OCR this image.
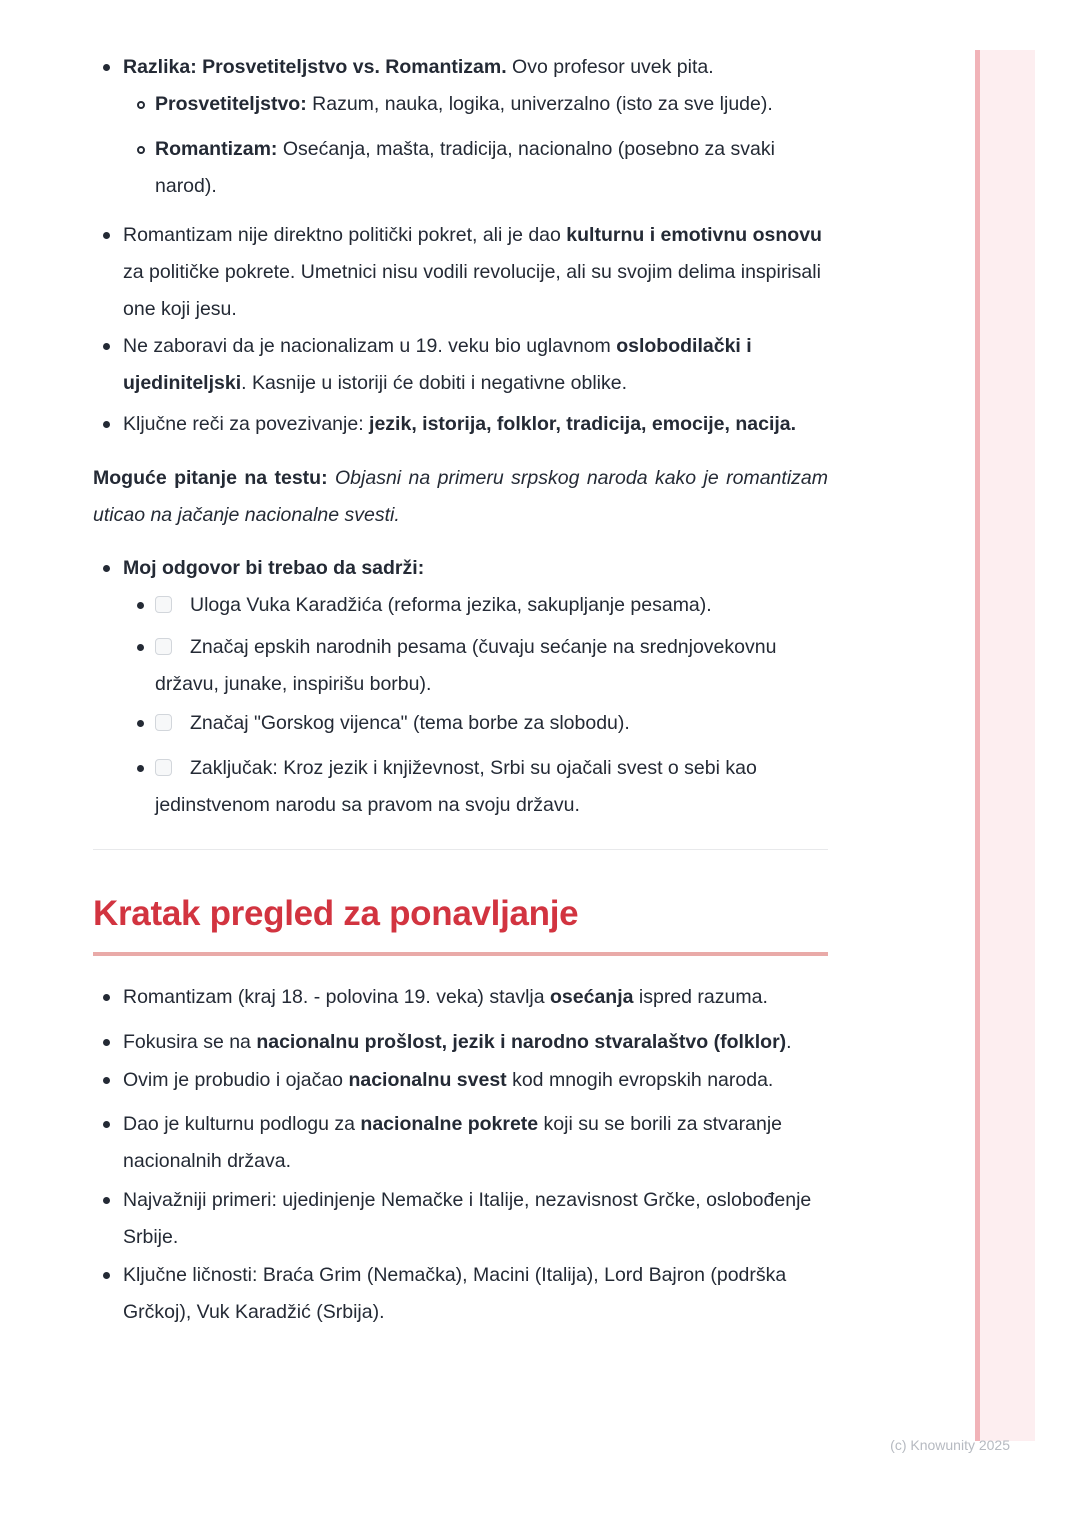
Razlika: Prosvetiteljstvo vs. Romantizam. Ovo profesor uvek pita.
Prosvetiteljstvo: Razum, nauka, logika, univerzalno (isto za sve ljude).
Romantizam: Osećanja, mašta, tradicija, nacionalno (posebno za svaki narod).
Romantizam nije direktno politički pokret, ali je dao kulturnu i emotivnu osnovu za političke pokrete. Umetnici nisu vodili revolucije, ali su svojim delima inspirisali one koji jesu.
Ne zaboravi da je nacionalizam u 19. veku bio uglavnom oslobodilački i ujediniteljski. Kasnije u istoriji će dobiti i negativne oblike.
Ključne reči za povezivanje: jezik, istorija, folklor, tradicija, emocije, nacija.

Moguće pitanje na testu: Objasni na primeru srpskog naroda kako je romantizam uticao na jačanje nacionalne svesti.

Moj odgovor bi trebao da sadrži:
Uloga Vuka Karadžića (reforma jezika, sakupljanje pesama).
Značaj epskih narodnih pesama (čuvaju sećanje na srednjovekovnu državu, junake, inspirišu borbu).
Značaj "Gorskog vijenca" (tema borbe za slobodu).
Zaključak: Kroz jezik i književnost, Srbi su ojačali svest o sebi kao jedinstvenom narodu sa pravom na svoju državu.
Kratak pregled za ponavljanje
Romantizam (kraj 18. - polovina 19. veka) stavlja osećanja ispred razuma.
Fokusira se na nacionalnu prošlost, jezik i narodno stvaralaštvo (folklor).
Ovim je probudio i ojačao nacionalnu svest kod mnogih evropskih naroda.
Dao je kulturnu podlogu za nacionalne pokrete koji su se borili za stvaranje nacionalnih država.
Najvažniji primeri: ujedinjenje Nemačke i Italije, nezavisnost Grčke, oslobođenje Srbije.
Ključne ličnosti: Braća Grim (Nemačka), Macini (Italija), Lord Bajron (podrška Grčkoj), Vuk Karadžić (Srbija).
(c) Knowunity 2025
